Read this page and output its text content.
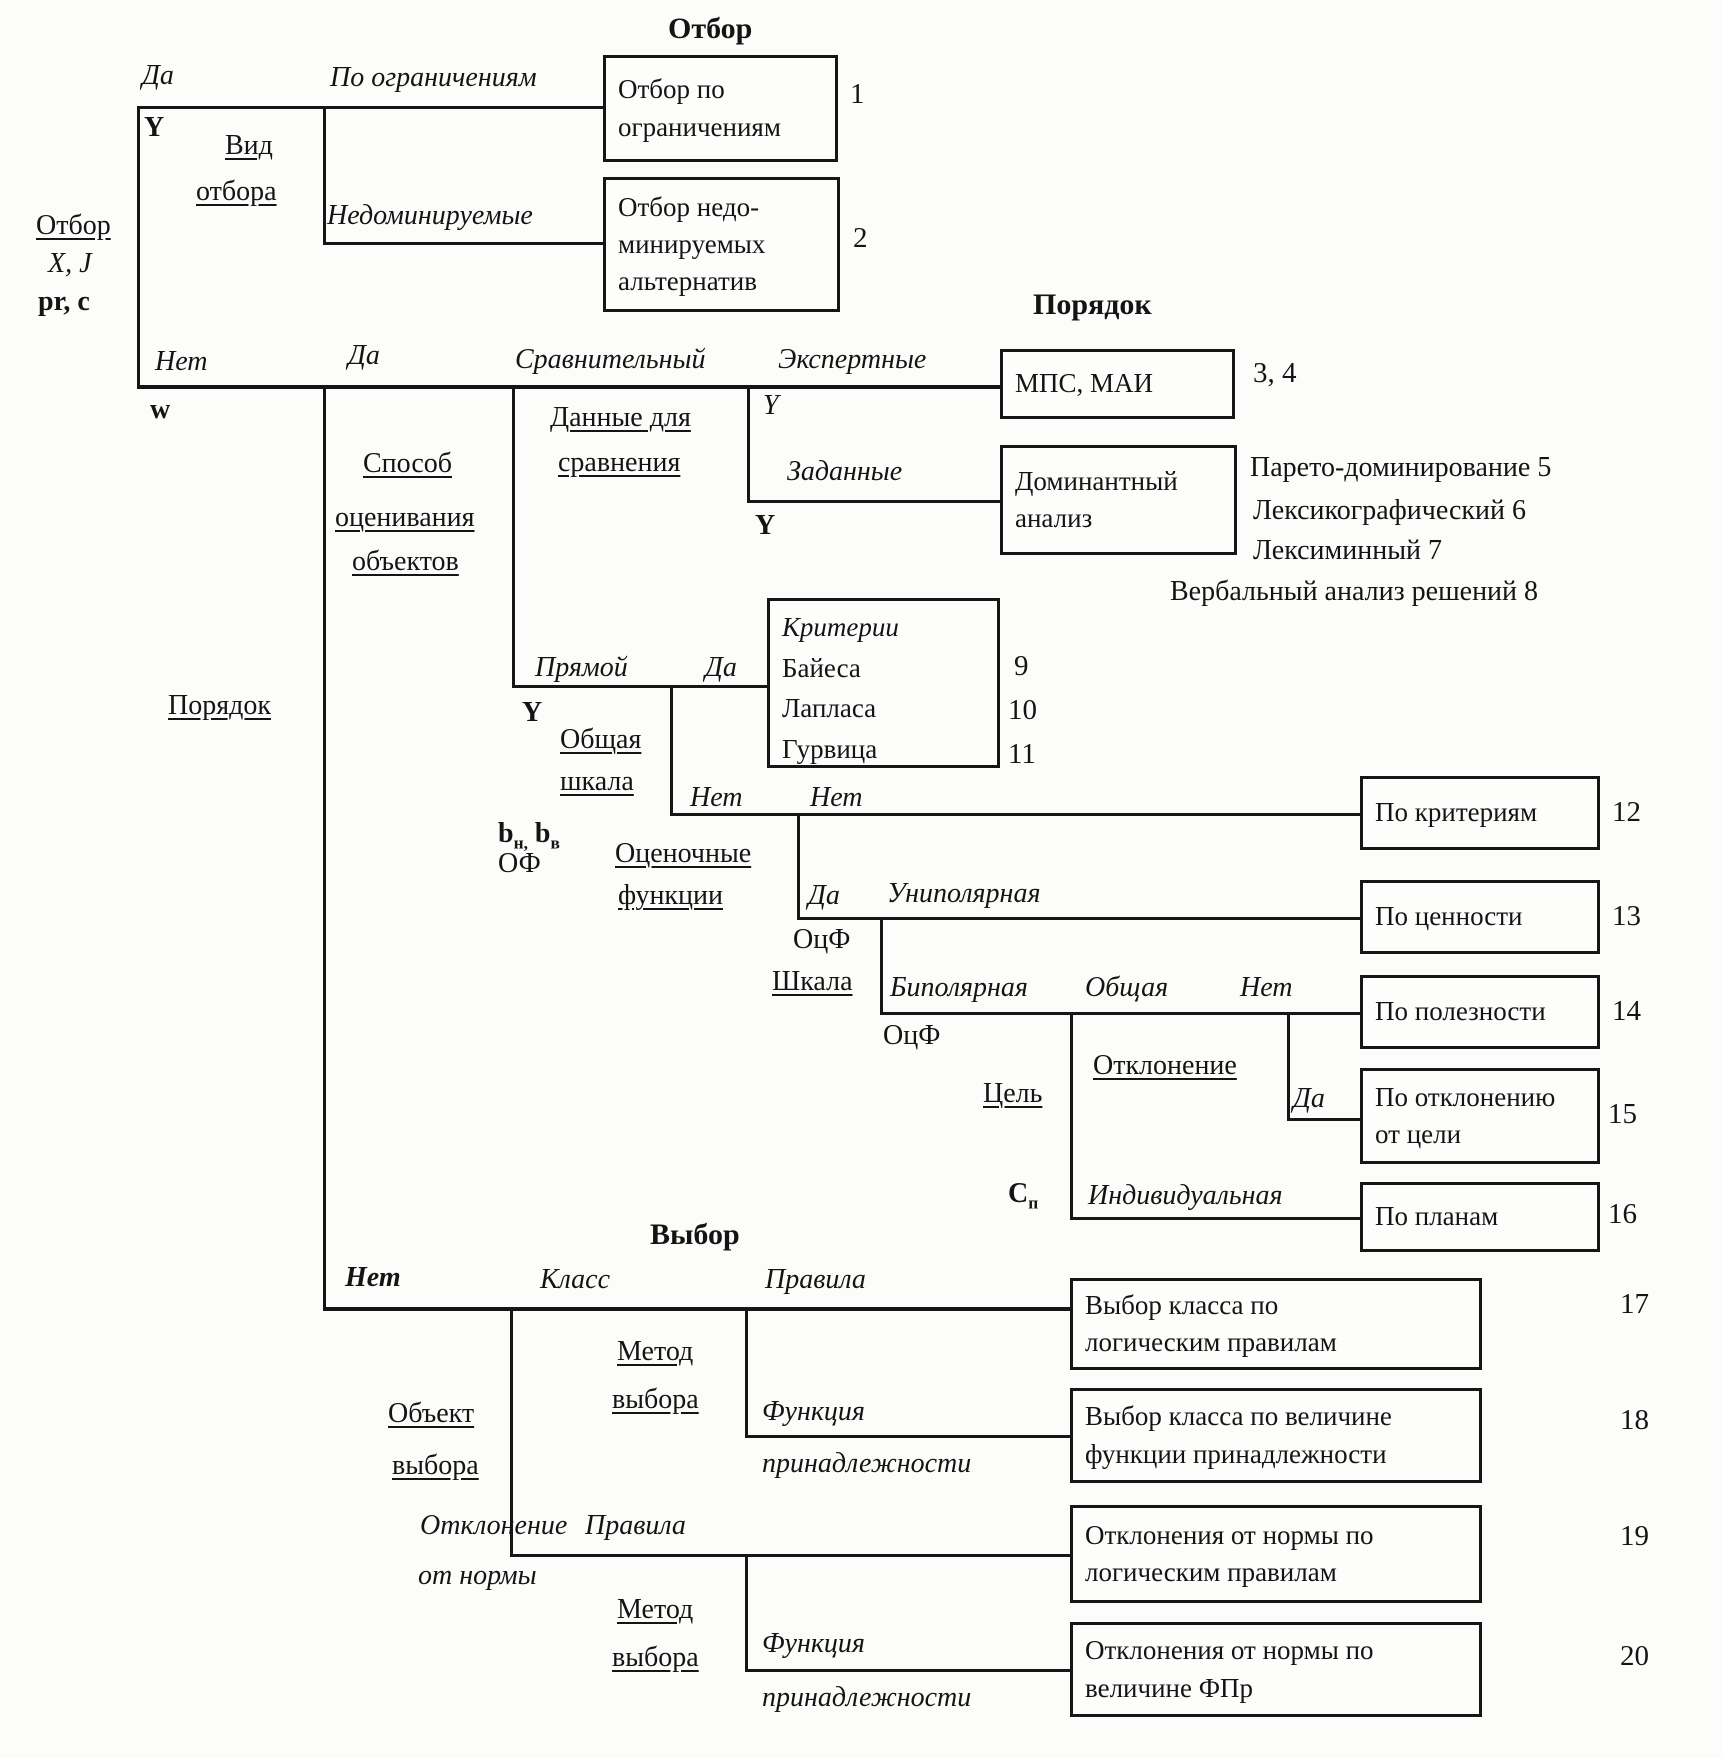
Отбор
Порядок
Выбор
Отбор
X, J
pr, c
Да
Y
По ограничениям
Вид
отбора
Недоминируемые
Отбор по
ограничениям
1
Отбор недо-
минируемых
альтернатив
2
Нет
w
Да	Сравнительный	Экспертные
Y
Заданные
Y
Порядок
Способ
оценивания
объектов
Данные для
сравнения
МПС, МАИ	3, 4
Доминантный
анализ
Парето-доминирование 5
Лексикографический 6
Лексиминный 7
Вербальный анализ решений 8
Прямой	Да
Y
Общая
шкала
Критерии
Байеса
Лапласа
Гурвица
9
10
11
Нет Нет
$b_{н,}$ $b_в$
ОФ	Оценочные
функции	Да Униполярная
По критериям	12
ОцФ
Шкала Биполярная Общая	Нет
По ценности	13
По полезности	14
ОцФ
Цель
Отклонение
Да По отклонению
от цели
15
$С_п$ Индивидуальная
По планам	16
Нет	Класс	Правила
Метод
выбора
Объект
выбора
Функция
принадлежности
Выбор класса по
логическим правилам
17
Выбор класса по величине
функции принадлежности
18
Отклонение Правила
от нормы
Отклонения от нормы по
логическим правилам
19
Метод
выбора Функция
принадлежности
Отклонения от нормы по
величине ФПр
20
